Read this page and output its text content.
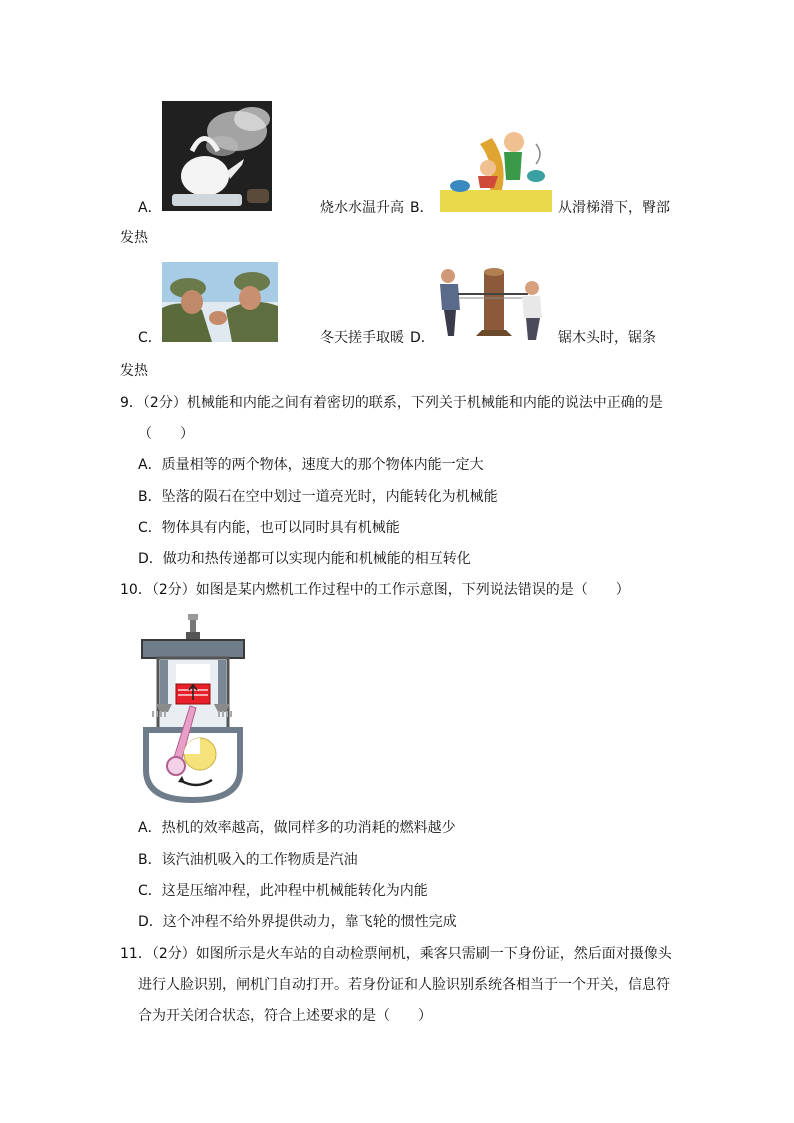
A．	烧水水温升高 B．	从滑梯滑下，臀部
发热
C．	冬天搓手取暖 D．	锯木头时，锯条
发热
9．（2分）机械能和内能之间有着密切的联系，下列关于机械能和内能的说法中正确的是
（　　）
A．质量相等的两个物体，速度大的那个物体内能一定大
B．坠落的陨石在空中划过一道亮光时，内能转化为机械能
C．物体具有内能，也可以同时具有机械能
D．做功和热传递都可以实现内能和机械能的相互转化
10．（2分）如图是某内燃机工作过程中的工作示意图，下列说法错误的是（　　）
A．热机的效率越高，做同样多的功消耗的燃料越少
B．该汽油机吸入的工作物质是汽油
C．这是压缩冲程，此冲程中机械能转化为内能
D．这个冲程不给外界提供动力，靠飞轮的惯性完成
11．（2分）如图所示是火车站的自动检票闸机，乘客只需刷一下身份证，然后面对摄像头
进行人脸识别，闸机门自动打开。若身份证和人脸识别系统各相当于一个开关，信息符
合为开关闭合状态，符合上述要求的是（　　）
